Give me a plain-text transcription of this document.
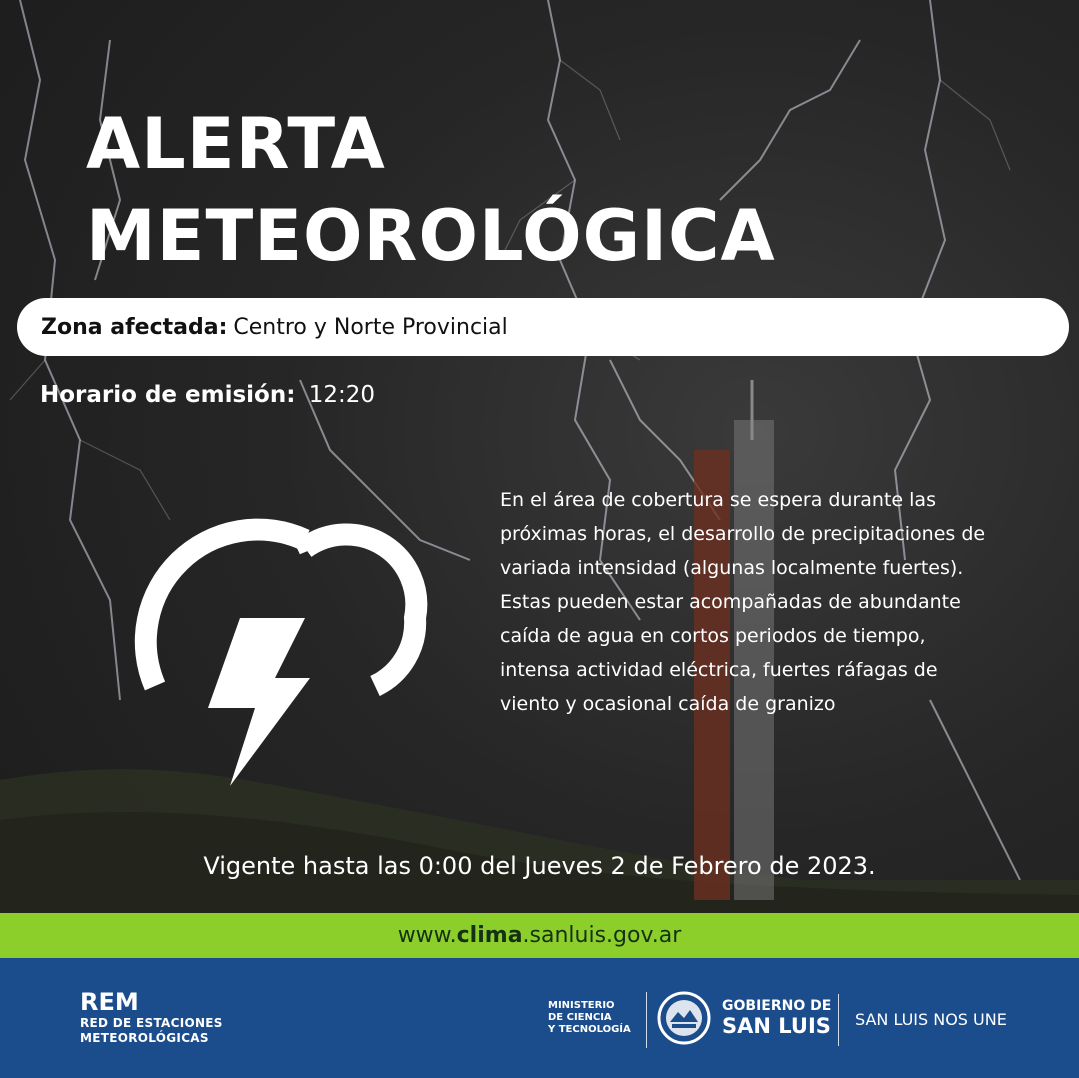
ALERTA
METEOROLÓGICA
Zona afectada: Centro y Norte Provincial
Horario de emisión: 12:20
En el área de cobertura se espera durante las próximas horas, el desarrollo de precipitaciones de variada intensidad (algunas localmente fuertes). Estas pueden estar acompañadas de abundante caída de agua en cortos periodos de tiempo, intensa actividad eléctrica, fuertes ráfagas de viento y ocasional caída de granizo
Vigente hasta las 0:00 del Jueves 2 de Febrero de 2023.
www.clima.sanluis.gov.ar
REM
RED DE ESTACIONES
METEOROLÓGICAS
MINISTERIO
DE CIENCIA
Y TECNOLOGÍA
GOBIERNO DE
SAN LUIS SAN LUIS NOS UNE
